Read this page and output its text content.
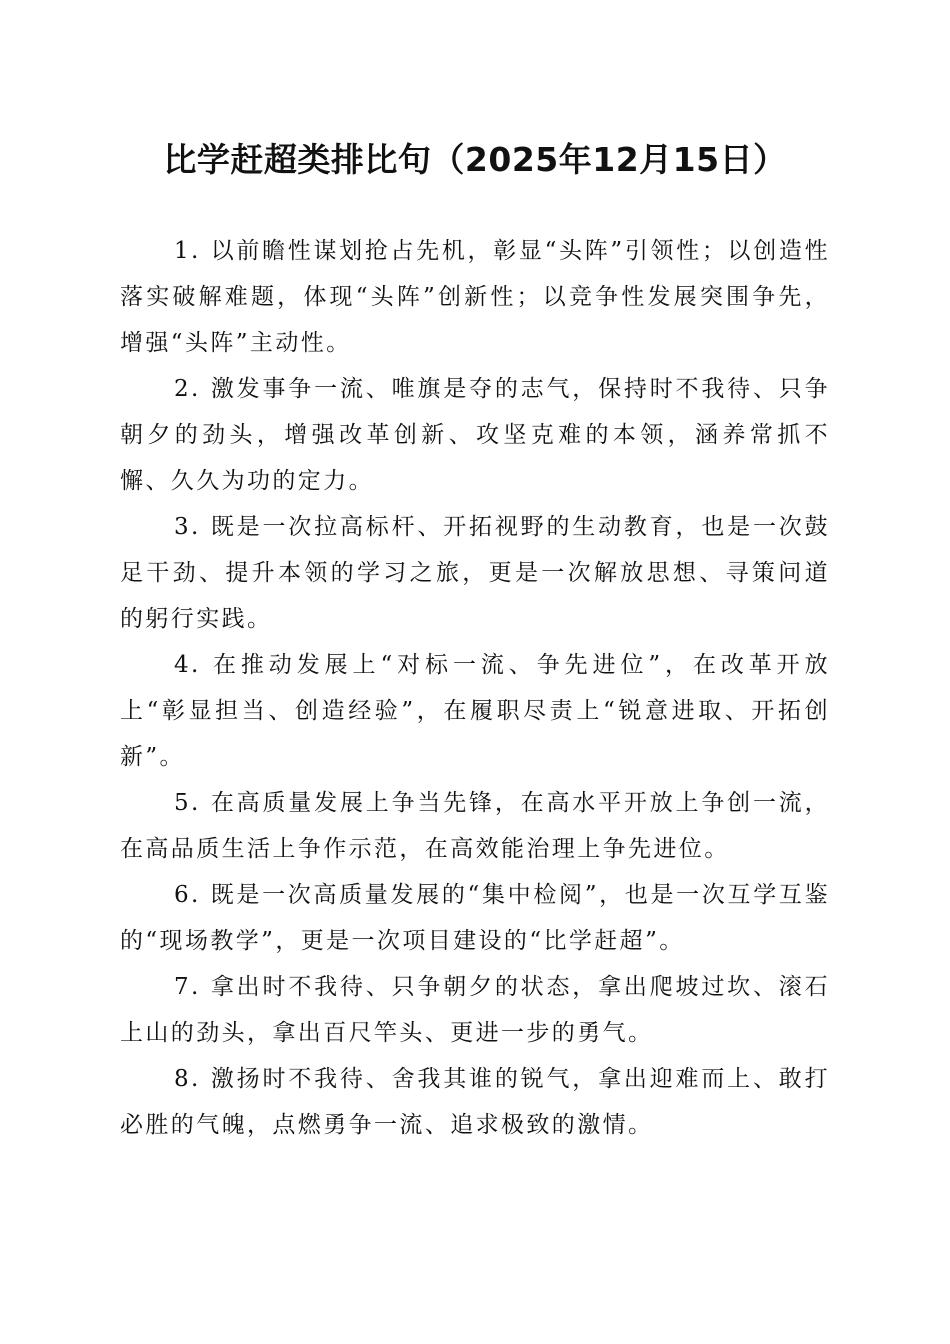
比学赶超类排比句（2025年12月15日）

1. 以前瞻性谋划抢占先机，彰显“头阵”引领性；以创造性落实破解难题，体现“头阵”创新性；以竞争性发展突围争先，增强“头阵”主动性。

2. 激发事争一流、唯旗是夺的志气，保持时不我待、只争朝夕的劲头，增强改革创新、攻坚克难的本领，涵养常抓不懈、久久为功的定力。

3. 既是一次拉高标杆、开拓视野的生动教育，也是一次鼓足干劲、提升本领的学习之旅，更是一次解放思想、寻策问道的躬行实践。

4. 在推动发展上“对标一流、争先进位”，在改革开放上“彰显担当、创造经验”，在履职尽责上“锐意进取、开拓创新”。

5. 在高质量发展上争当先锋，在高水平开放上争创一流，在高品质生活上争作示范，在高效能治理上争先进位。

6. 既是一次高质量发展的“集中检阅”，也是一次互学互鉴的“现场教学”，更是一次项目建设的“比学赶超”。

7. 拿出时不我待、只争朝夕的状态，拿出爬坡过坎、滚石上山的劲头，拿出百尺竿头、更进一步的勇气。

8. 激扬时不我待、舍我其谁的锐气，拿出迎难而上、敢打必胜的气魄，点燃勇争一流、追求极致的激情。
